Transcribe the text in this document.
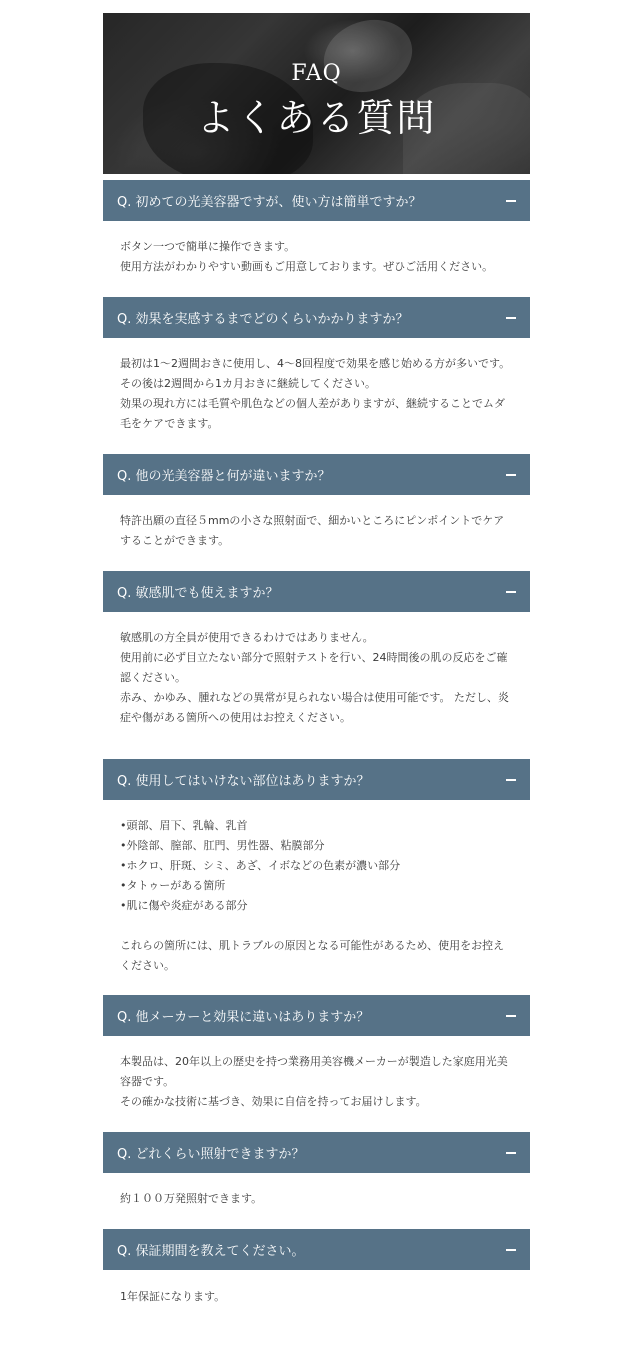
FAQ
よくある質問
Q. 初めての光美容器ですが、使い方は簡単ですか？
ボタン一つで簡単に操作できます。
使用方法がわかりやすい動画もご用意しております。ぜひご活用ください。
Q. 効果を実感するまでどのくらいかかりますか？
最初は1～2週間おきに使用し、4～8回程度で効果を感じ始める方が多いです。
その後は2週間から1カ月おきに継続してください。
効果の現れ方には毛質や肌色などの個人差がありますが、継続することでムダ
毛をケアできます。
Q. 他の光美容器と何が違いますか？
特許出願の直径５mmの小さな照射面で、細かいところにピンポイントでケア
することができます。
Q. 敏感肌でも使えますか？
敏感肌の方全員が使用できるわけではありません。
使用前に必ず目立たない部分で照射テストを行い、24時間後の肌の反応をご確
認ください。
赤み、かゆみ、腫れなどの異常が見られない場合は使用可能です。 ただし、炎
症や傷がある箇所への使用はお控えください。
Q. 使用してはいけない部位はありますか？
•頭部、眉下、乳輪、乳首
•外陰部、膣部、肛門、男性器、粘膜部分
•ホクロ、肝斑、シミ、あざ、イボなどの色素が濃い部分
•タトゥーがある箇所
•肌に傷や炎症がある部分
これらの箇所には、肌トラブルの原因となる可能性があるため、使用をお控え
ください。
Q. 他メーカーと効果に違いはありますか？
本製品は、20年以上の歴史を持つ業務用美容機メーカーが製造した家庭用光美
容器です。
その確かな技術に基づき、効果に自信を持ってお届けします。
Q. どれくらい照射できますか？
約１００万発照射できます。
Q. 保証期間を教えてください。
1年保証になります。
